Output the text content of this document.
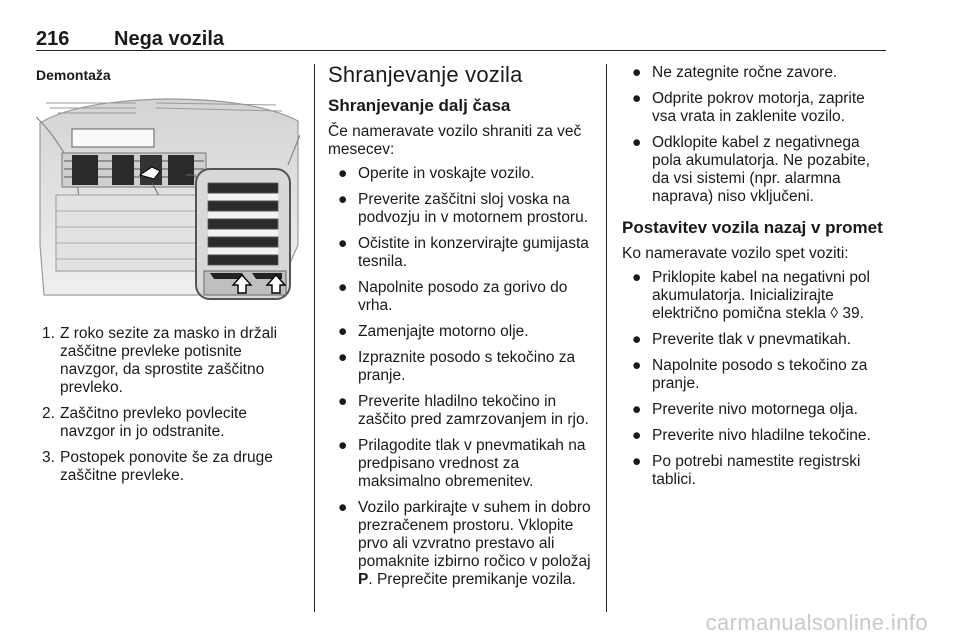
216 Nega vozila
Demontaža
1. Z roko sezite za masko in držali zaščitne prevleke potisnite navzgor, da sprostite zaščitno prevleko.
2. Zaščitno prevleko povlecite navzgor in jo odstranite.
3. Postopek ponovite še za druge zaščitne prevleke.
Shranjevanje vozila
Shranjevanje dalj časa

Če nameravate vozilo shraniti za več mesecev:

● Operite in voskajte vozilo.
● Preverite zaščitni sloj voska na podvozju in v motornem prostoru.
● Očistite in konzervirajte gumijasta tesnila.
● Napolnite posodo za gorivo do vrha.
● Zamenjajte motorno olje.
● Izpraznite posodo s tekočino za pranje.
● Preverite hladilno tekočino in zaščito pred zamrzovanjem in rjo.
● Prilagodite tlak v pnevmatikah na predpisano vrednost za maksimalno obremenitev.
● Vozilo parkirajte v suhem in dobro prezračenem prostoru. Vklopite prvo ali vzvratno prestavo ali pomaknite izbirno ročico v položaj P. Preprečite premikanje vozila.
● Ne zategnite ročne zavore.
● Odprite pokrov motorja, zaprite vsa vrata in zaklenite vozilo.
● Odklopite kabel z negativnega pola akumulatorja. Ne pozabite, da vsi sistemi (npr. alarmna naprava) niso vključeni.
Postavitev vozila nazaj v promet

Ko nameravate vozilo spet voziti:

● Priklopite kabel na negativni pol akumulatorja. Inicializirajte električno pomična stekla ◊ 39.
● Preverite tlak v pnevmatikah.
● Napolnite posodo s tekočino za pranje.
● Preverite nivo motornega olja.
● Preverite nivo hladilne tekočine.
● Po potrebi namestite registrski tablici.
carmanualsonline.info
